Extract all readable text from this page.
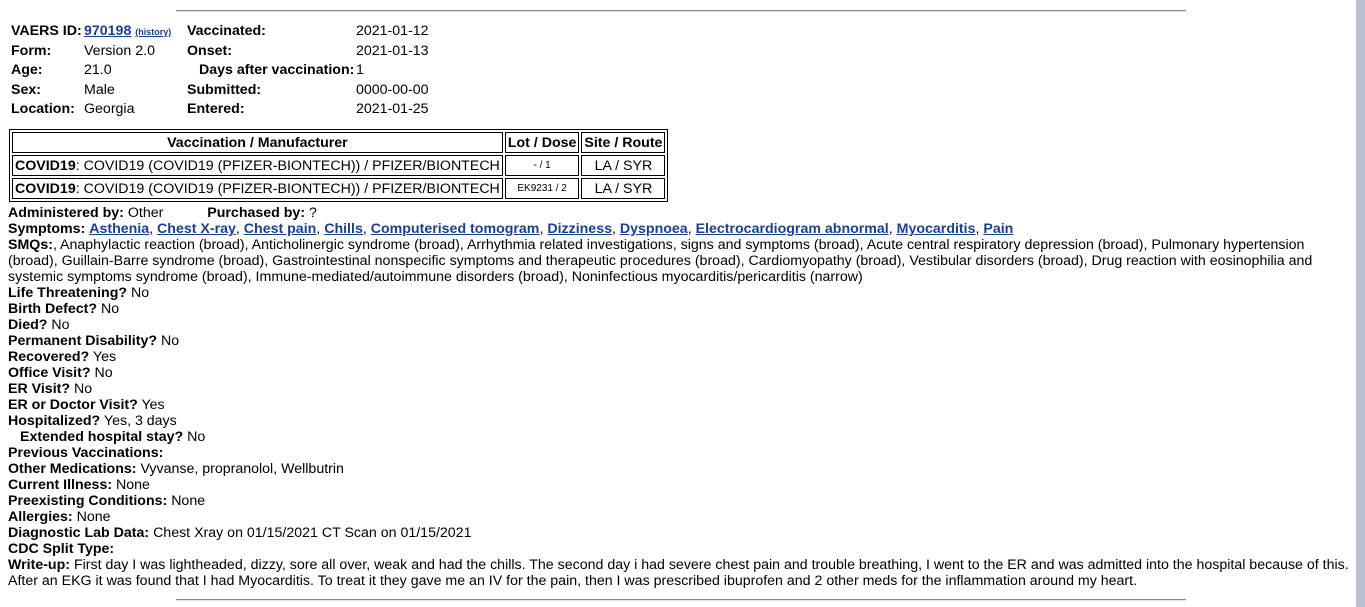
VAERS ID: 970198 (history)	Vaccinated:	2021-01-12
Form:	Version 2.0	Onset:	2021-01-13
Age:	21.0	Days after vaccination: 1
Sex:	Male	Submitted:	0000-00-00
Location: Georgia	Entered:	2021-01-25
Vaccination / Manufacturer	Lot / Dose	Site / Route
COVID19: COVID19 (COVID19 (PFIZER-BIONTECH)) / PFIZER/BIONTECH	- / 1	LA / SYR
COVID19: COVID19 (COVID19 (PFIZER-BIONTECH)) / PFIZER/BIONTECH	EK9231 / 2	LA / SYR

Administered by: Other	Purchased by: ?

Symptoms: Asthenia, Chest X-ray, Chest pain, Chills, Computerised tomogram, Dizziness, Dyspnoea, Electrocardiogram abnormal, Myocarditis, Pain

SMQs:, Anaphylactic reaction (broad), Anticholinergic syndrome (broad), Arrhythmia related investigations, signs and symptoms (broad), Acute central respiratory depression (broad), Pulmonary hypertension (broad), Guillain-Barre syndrome (broad), Gastrointestinal nonspecific symptoms and therapeutic procedures (broad), Cardiomyopathy (broad), Vestibular disorders (broad), Drug reaction with eosinophilia and systemic symptoms syndrome (broad), Immune-mediated/autoimmune disorders (broad), Noninfectious myocarditis/pericarditis (narrow)

Life Threatening? No

Birth Defect? No

Died? No

Permanent Disability? No

Recovered? Yes

Office Visit? No

ER Visit? No

ER or Doctor Visit? Yes

Hospitalized? Yes, 3 days

Extended hospital stay? No

Previous Vaccinations:

Other Medications: Vyvanse, propranolol, Wellbutrin

Current Illness: None

Preexisting Conditions: None

Allergies: None

Diagnostic Lab Data: Chest Xray on 01/15/2021 CT Scan on 01/15/2021

CDC Split Type:

Write-up: First day I was lightheaded, dizzy, sore all over, weak and had the chills. The second day i had severe chest pain and trouble breathing, I went to the ER and was admitted into the hospital because of this. After an EKG it was found that I had Myocarditis. To treat it they gave me an IV for the pain, then I was prescribed ibuprofen and 2 other meds for the inflammation around my heart.
